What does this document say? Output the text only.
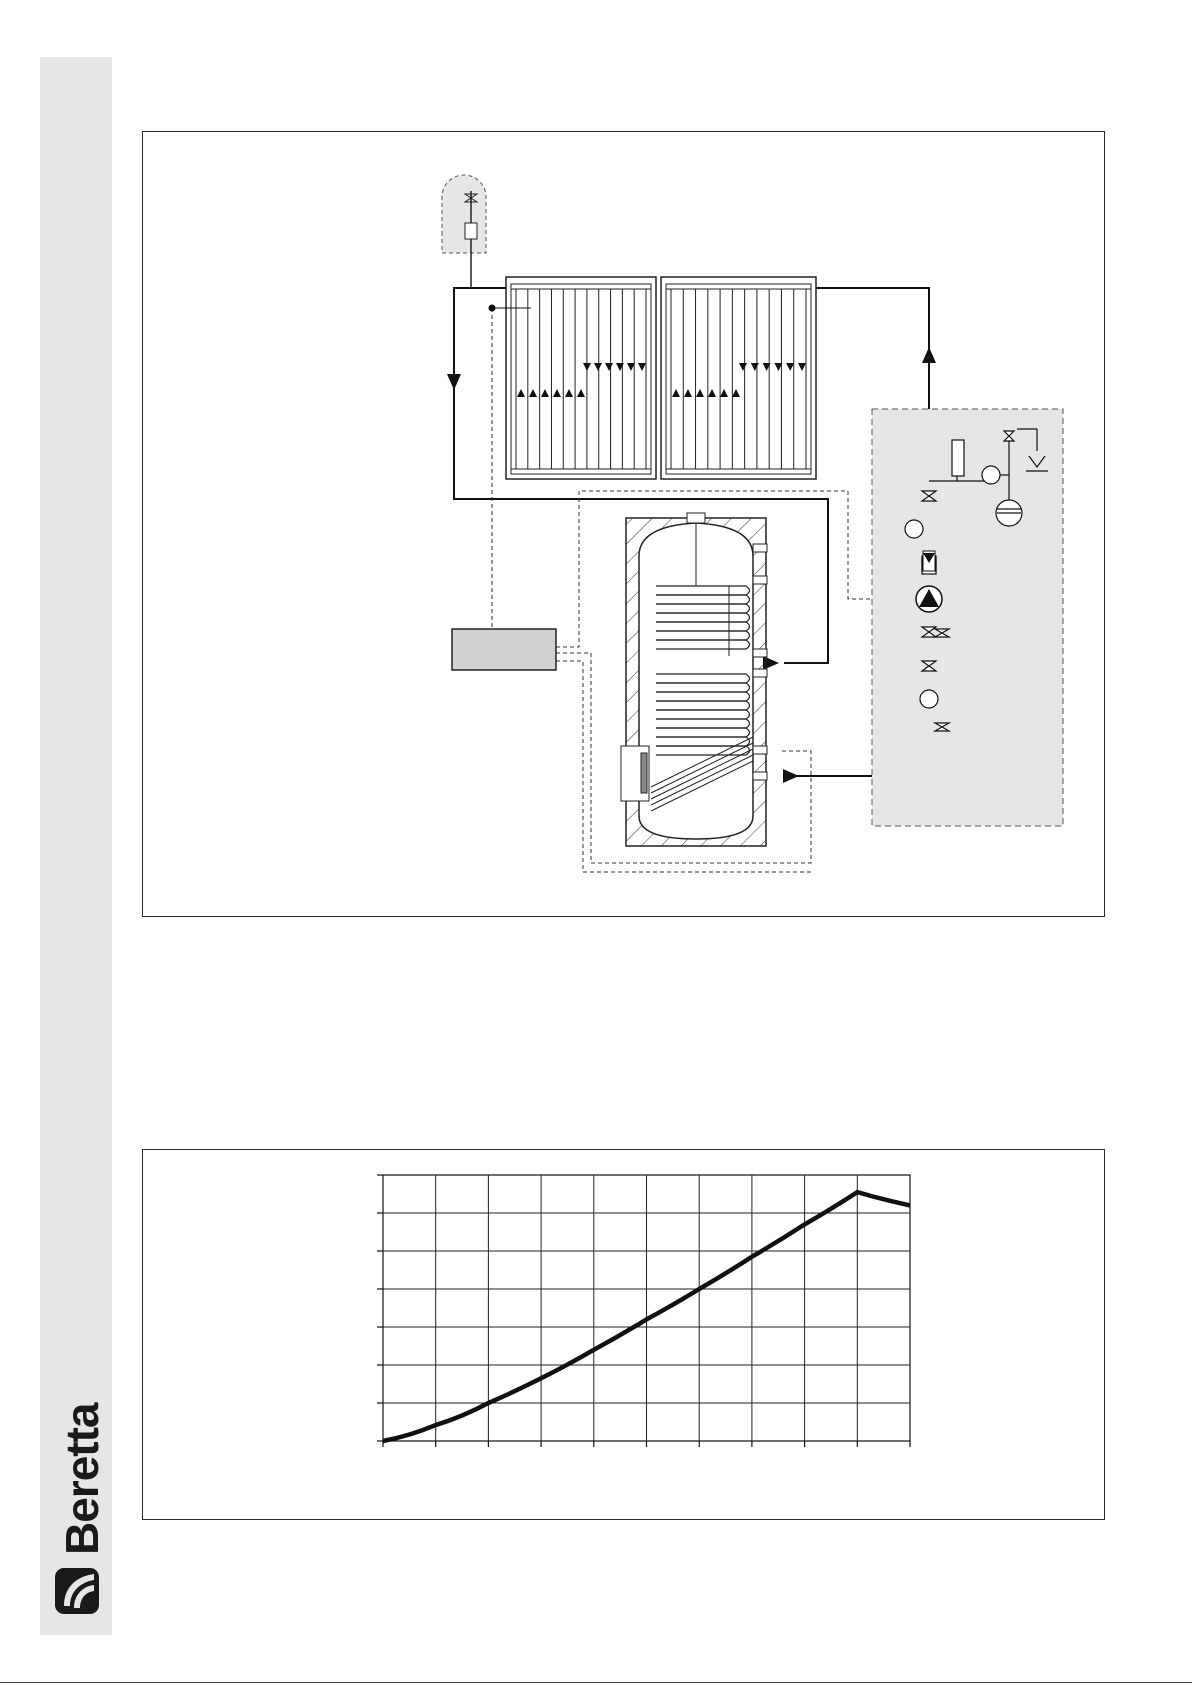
Beretta
